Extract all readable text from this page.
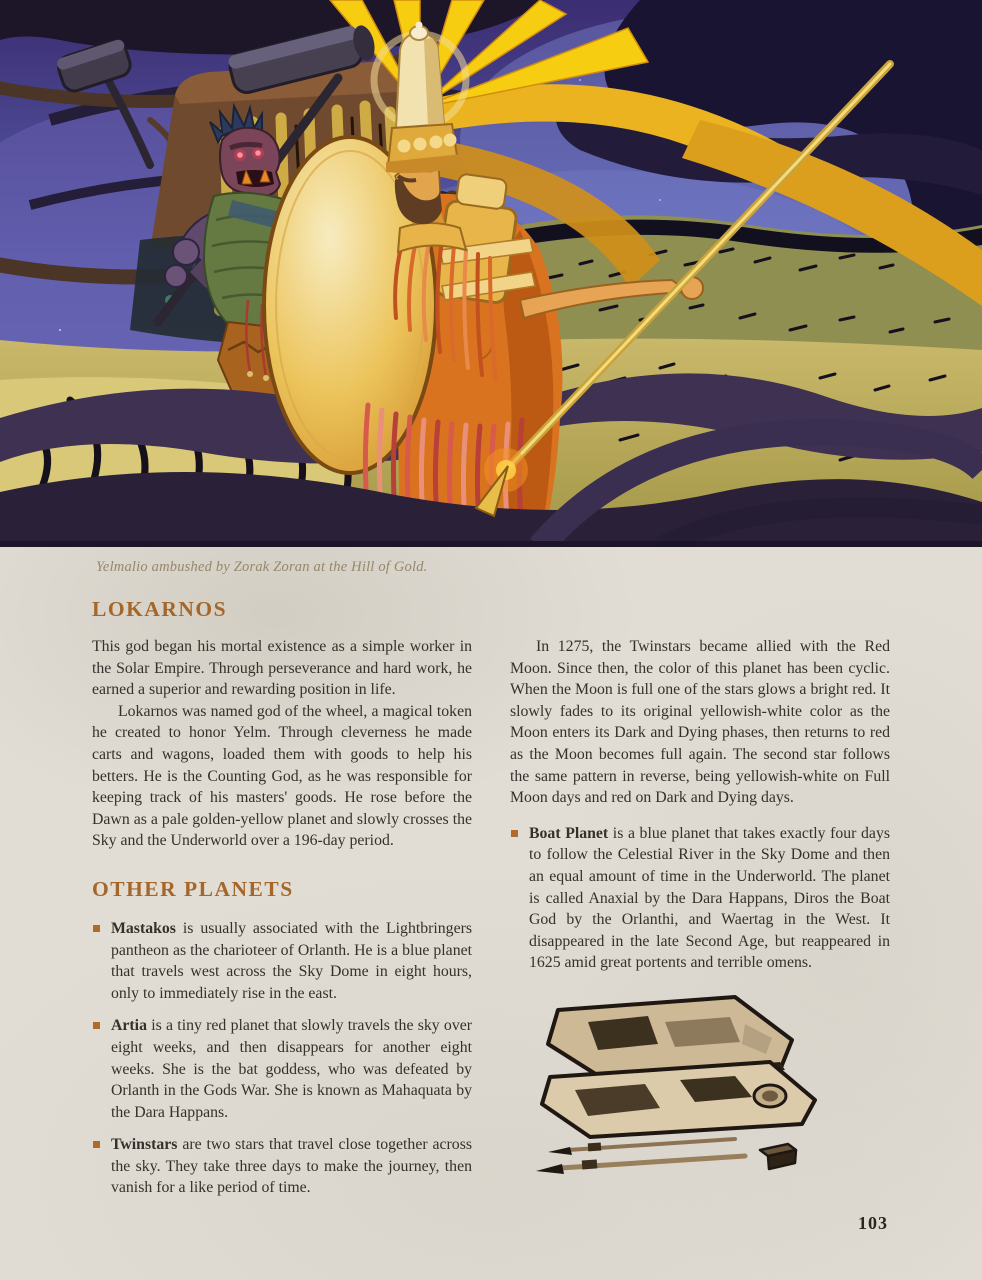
Yelmalio ambushed by Zorak Zoran at the Hill of Gold.
LOKARNOS

This god began his mortal existence as a simple worker in the Solar Empire. Through perseverance and hard work, he earned a superior and rewarding position in life.

Lokarnos was named god of the wheel, a magical token he created to honor Yelm. Through cleverness he made carts and wagons, loaded them with goods to help his betters. He is the Counting God, as he was responsible for keeping track of his masters' goods. He rose before the Dawn as a pale golden-yellow planet and slowly crosses the Sky and the Underworld over a 196-day period.

OTHER PLANETS
Mastakos is usually associated with the Lightbringers pantheon as the charioteer of Orlanth. He is a blue planet that travels west across the Sky Dome in eight hours, only to immediately rise in the east.
Artia is a tiny red planet that slowly travels the sky over eight weeks, and then disappears for another eight weeks. She is the bat goddess, who was defeated by Orlanth in the Gods War. She is known as Mahaquata by the Dara Happans.
Twinstars are two stars that travel close together across the sky. They take three days to make the journey, then vanish for a like period of time.

In 1275, the Twinstars became allied with the Red Moon. Since then, the color of this planet has been cyclic. When the Moon is full one of the stars glows a bright red. It slowly fades to its original yellowish-white color as the Moon enters its Dark and Dying phases, then returns to red as the Moon becomes full again. The second star follows the same pattern in reverse, being yellowish-white on Full Moon days and red on Dark and Dying days.

Boat Planet is a blue planet that takes exactly four days to follow the Celestial River in the Sky Dome and then an equal amount of time in the Underworld. The planet is called Anaxial by the Dara Happans, Diros the Boat God by the Orlanthi, and Waertag in the West. It disappeared in the late Second Age, but reappeared in 1625 amid great portents and terrible omens.
103
